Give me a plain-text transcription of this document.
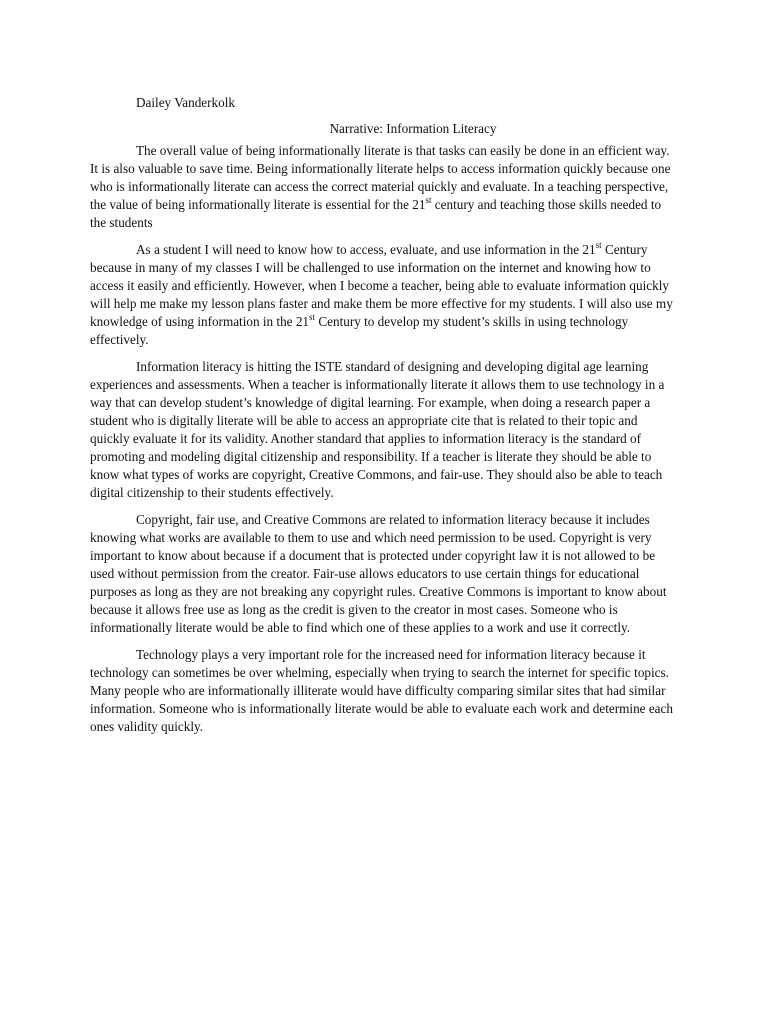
Dailey Vanderkolk

Narrative: Information Literacy

The overall value of being informationally literate is that tasks can easily be done in an efficient way. It is also valuable to save time. Being informationally literate helps to access information quickly because one who is informationally literate can access the correct material quickly and evaluate. In a teaching perspective, the value of being informationally literate is essential for the 21st century and teaching those skills needed to the students

As a student I will need to know how to access, evaluate, and use information in the 21st Century because in many of my classes I will be challenged to use information on the internet and knowing how to access it easily and efficiently. However, when I become a teacher, being able to evaluate information quickly will help me make my lesson plans faster and make them be more effective for my students. I will also use my knowledge of using information in the 21st Century to develop my student’s skills in using technology effectively.

Information literacy is hitting the ISTE standard of designing and developing digital age learning experiences and assessments. When a teacher is informationally literate it allows them to use technology in a way that can develop student’s knowledge of digital learning. For example, when doing a research paper a student who is digitally literate will be able to access an appropriate cite that is related to their topic and quickly evaluate it for its validity. Another standard that applies to information literacy is the standard of promoting and modeling digital citizenship and responsibility. If a teacher is literate they should be able to know what types of works are copyright, Creative Commons, and fair-use. They should also be able to teach digital citizenship to their students effectively.

Copyright, fair use, and Creative Commons are related to information literacy because it includes knowing what works are available to them to use and which need permission to be used. Copyright is very important to know about because if a document that is protected under copyright law it is not allowed to be used without permission from the creator. Fair-use allows educators to use certain things for educational purposes as long as they are not breaking any copyright rules. Creative Commons is important to know about because it allows free use as long as the credit is given to the creator in most cases. Someone who is informationally literate would be able to find which one of these applies to a work and use it correctly.

Technology plays a very important role for the increased need for information literacy because it technology can sometimes be over whelming, especially when trying to search the internet for specific topics. Many people who are informationally illiterate would have difficulty comparing similar sites that had similar information. Someone who is informationally literate would be able to evaluate each work and determine each ones validity quickly.
